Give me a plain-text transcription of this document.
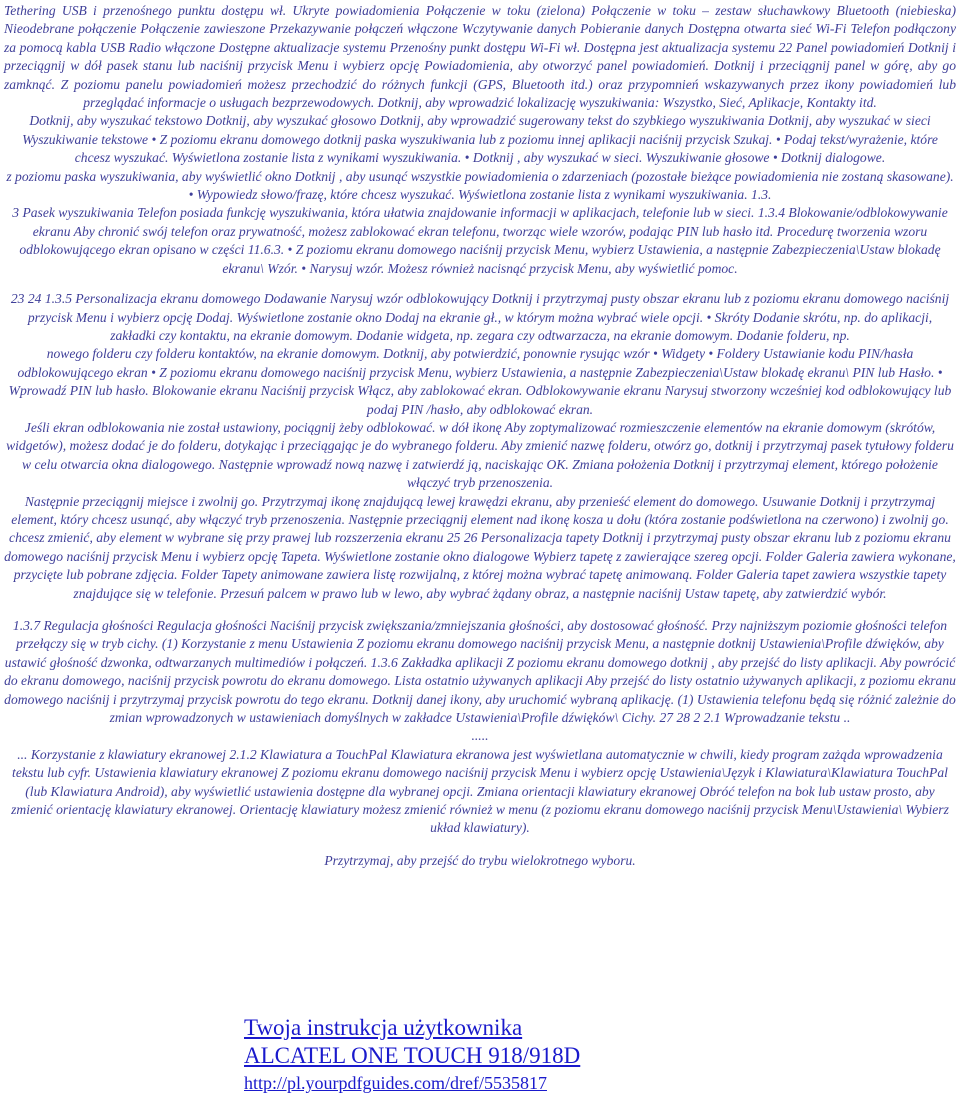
Tethering USB i przenośnego punktu dostępu wł. Ukryte powiadomienia Połączenie w toku (zielona) Połączenie w toku – zestaw słuchawkowy Bluetooth (niebieska) Nieodebrane połączenie Połączenie zawieszone Przekazywanie połączeń włączone Wczytywanie danych Pobieranie danych Dostępna otwarta sieć Wi-Fi Telefon podłączony za pomocą kabla USB Radio włączone Dostępne aktualizacje systemu Przenośny punkt dostępu Wi-Fi wł. Dostępna jest aktualizacja systemu 22 Panel powiadomień Dotknij i przeciągnij w dół pasek stanu lub naciśnij przycisk Menu i wybierz opcję Powiadomienia, aby otworzyć panel powiadomień. Dotknij i przeciągnij panel w górę, aby go zamknąć. Z poziomu panelu powiadomień możesz przechodzić do różnych funkcji (GPS, Bluetooth itd.) oraz przypomnień wskazywanych przez ikony powiadomień lub przeglądać informacje o usługach bezprzewodowych. Dotknij, aby wprowadzić lokalizację wyszukiwania: Wszystko, Sieć, Aplikacje, Kontakty itd.

Dotknij, aby wyszukać tekstowo Dotknij, aby wyszukać głosowo Dotknij, aby wprowadzić sugerowany tekst do szybkiego wyszukiwania Dotknij, aby wyszukać w sieci Wyszukiwanie tekstowe • Z poziomu ekranu domowego dotknij paska wyszukiwania lub z poziomu innej aplikacji naciśnij przycisk Szukaj. • Podaj tekst/wyrażenie, które chcesz wyszukać. Wyświetlona zostanie lista z wynikami wyszukiwania. • Dotknij , aby wyszukać w sieci. Wyszukiwanie głosowe • Dotknij dialogowe.

z poziomu paska wyszukiwania, aby wyświetlić okno Dotknij , aby usunąć wszystkie powiadomienia o zdarzeniach (pozostałe bieżące powiadomienia nie zostaną skasowane). • Wypowiedz słowo/frazę, które chcesz wyszukać. Wyświetlona zostanie lista z wynikami wyszukiwania. 1.3.

3 Pasek wyszukiwania Telefon posiada funkcję wyszukiwania, która ułatwia znajdowanie informacji w aplikacjach, telefonie lub w sieci. 1.3.4 Blokowanie/odblokowywanie ekranu Aby chronić swój telefon oraz prywatność, możesz zablokować ekran telefonu, tworząc wiele wzorów, podając PIN lub hasło itd. Procedurę tworzenia wzoru odblokowującego ekran opisano w części 11.6.3. • Z poziomu ekranu domowego naciśnij przycisk Menu, wybierz Ustawienia, a następnie Zabezpieczenia\Ustaw blokadę ekranu\ Wzór. • Narysuj wzór. Możesz również nacisnąć przycisk Menu, aby wyświetlić pomoc.

23 24 1.3.5 Personalizacja ekranu domowego Dodawanie Narysuj wzór odblokowujący Dotknij i przytrzymaj pusty obszar ekranu lub z poziomu ekranu domowego naciśnij przycisk Menu i wybierz opcję Dodaj. Wyświetlone zostanie okno Dodaj na ekranie gł., w którym można wybrać wiele opcji. • Skróty Dodanie skrótu, np. do aplikacji, zakładki czy kontaktu, na ekranie domowym. Dodanie widgeta, np. zegara czy odtwarzacza, na ekranie domowym. Dodanie folderu, np.

nowego folderu czy folderu kontaktów, na ekranie domowym. Dotknij, aby potwierdzić, ponownie rysując wzór • Widgety • Foldery Ustawianie kodu PIN/hasła odblokowującego ekran • Z poziomu ekranu domowego naciśnij przycisk Menu, wybierz Ustawienia, a następnie Zabezpieczenia\Ustaw blokadę ekranu\ PIN lub Hasło. • Wprowadź PIN lub hasło. Blokowanie ekranu Naciśnij przycisk Włącz, aby zablokować ekran. Odblokowywanie ekranu Narysuj stworzony wcześniej kod odblokowujący lub podaj PIN /hasło, aby odblokować ekran.

Jeśli ekran odblokowania nie został ustawiony, pociągnij żeby odblokować. w dół ikonę Aby zoptymalizować rozmieszczenie elementów na ekranie domowym (skrótów, widgetów), możesz dodać je do folderu, dotykając i przeciągając je do wybranego folderu. Aby zmienić nazwę folderu, otwórz go, dotknij i przytrzymaj pasek tytułowy folderu w celu otwarcia okna dialogowego. Następnie wprowadź nową nazwę i zatwierdź ją, naciskając OK. Zmiana położenia Dotknij i przytrzymaj element, którego położenie włączyć tryb przenoszenia.

Następnie przeciągnij miejsce i zwolnij go. Przytrzymaj ikonę znajdującą lewej krawędzi ekranu, aby przenieść element do domowego. Usuwanie Dotknij i przytrzymaj element, który chcesz usunąć, aby włączyć tryb przenoszenia. Następnie przeciągnij element nad ikonę kosza u dołu (która zostanie podświetlona na czerwono) i zwolnij go. chcesz zmienić, aby element w wybrane się przy prawej lub rozszerzenia ekranu 25 26 Personalizacja tapety Dotknij i przytrzymaj pusty obszar ekranu lub z poziomu ekranu domowego naciśnij przycisk Menu i wybierz opcję Tapeta. Wyświetlone zostanie okno dialogowe Wybierz tapetę z zawierające szereg opcji. Folder Galeria zawiera wykonane, przycięte lub pobrane zdjęcia. Folder Tapety animowane zawiera listę rozwijalną, z której można wybrać tapetę animowaną. Folder Galeria tapet zawiera wszystkie tapety znajdujące się w telefonie. Przesuń palcem w prawo lub w lewo, aby wybrać żądany obraz, a następnie naciśnij Ustaw tapetę, aby zatwierdzić wybór.

1.3.7 Regulacja głośności Regulacja głośności Naciśnij przycisk zwiększania/zmniejszania głośności, aby dostosować głośność. Przy najniższym poziomie głośności telefon przełączy się w tryb cichy. (1) Korzystanie z menu Ustawienia Z poziomu ekranu domowego naciśnij przycisk Menu, a następnie dotknij Ustawienia\Profile dźwięków, aby ustawić głośność dzwonka, odtwarzanych multimediów i połączeń. 1.3.6 Zakładka aplikacji Z poziomu ekranu domowego dotknij , aby przejść do listy aplikacji. Aby powrócić do ekranu domowego, naciśnij przycisk powrotu do ekranu domowego. Lista ostatnio używanych aplikacji Aby przejść do listy ostatnio używanych aplikacji, z poziomu ekranu domowego naciśnij i przytrzymaj przycisk powrotu do tego ekranu. Dotknij danej ikony, aby uruchomić wybraną aplikację. (1) Ustawienia telefonu będą się różnić zależnie do zmian wprowadzonych w ustawieniach domyślnych w zakładce Ustawienia\Profile dźwięków\ Cichy. 27 28 2 2.1 Wprowadzanie tekstu ..

.....

... Korzystanie z klawiatury ekranowej 2.1.2 Klawiatura a TouchPal Klawiatura ekranowa jest wyświetlana automatycznie w chwili, kiedy program zażąda wprowadzenia tekstu lub cyfr. Ustawienia klawiatury ekranowej Z poziomu ekranu domowego naciśnij przycisk Menu i wybierz opcję Ustawienia\Język i Klawiatura\Klawiatura TouchPal (lub Klawiatura Android), aby wyświetlić ustawienia dostępne dla wybranej opcji. Zmiana orientacji klawiatury ekranowej Obróć telefon na bok lub ustaw prosto, aby zmienić orientację klawiatury ekranowej. Orientację klawiatury możesz zmienić również w menu (z poziomu ekranu domowego naciśnij przycisk Menu\Ustawienia\ Wybierz układ klawiatury).

Przytrzymaj, aby przejść do trybu wielokrotnego wyboru.

Twoja instrukcja użytkownika

ALCATEL ONE TOUCH 918/918D

http://pl.yourpdfguides.com/dref/5535817
